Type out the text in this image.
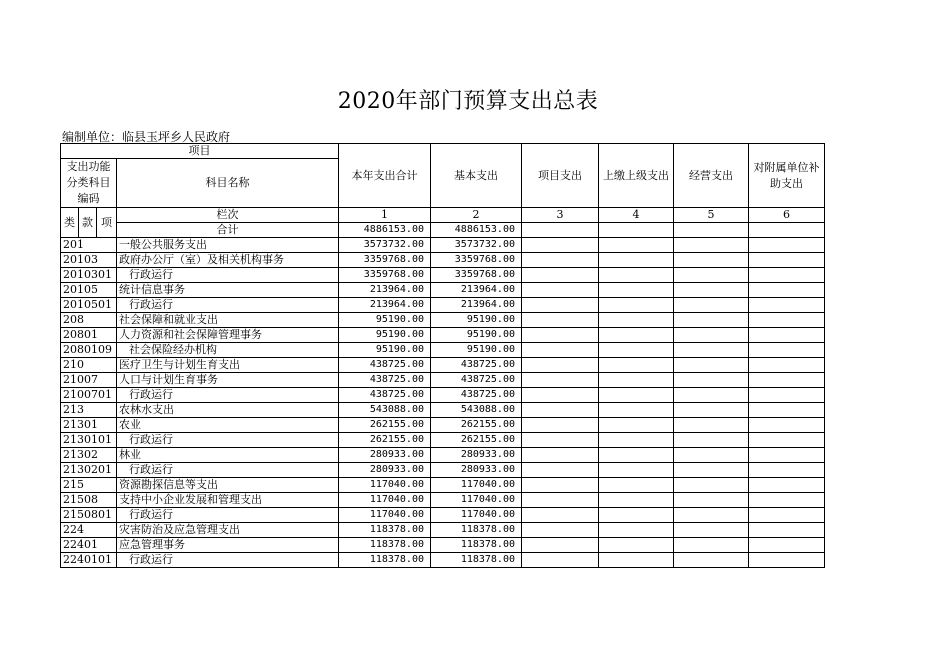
2020年部门预算支出总表
编制单位：临县玉坪乡人民政府
项目				本年支出合计	基本支出	项目支出	上缴上级支出	经营支出	对附属单位补助支出
支出功能分类科目编码			科目名称						

类	款	项	栏次	1	2	3	4	5	6
			合计	4886153.00	4886153.00				
201			一般公共服务支出	3573732.00	3573732.00				
20103			政府办公厅（室）及相关机构事务	3359768.00	3359768.00				
2010301			行政运行	3359768.00	3359768.00				
20105			统计信息事务	213964.00	213964.00				
2010501			行政运行	213964.00	213964.00				
208			社会保障和就业支出	95190.00	95190.00				
20801			人力资源和社会保障管理事务	95190.00	95190.00				
2080109			社会保险经办机构	95190.00	95190.00				
210			医疗卫生与计划生育支出	438725.00	438725.00				
21007			人口与计划生育事务	438725.00	438725.00				
2100701			行政运行	438725.00	438725.00				
213			农林水支出	543088.00	543088.00				
21301			农业	262155.00	262155.00				
2130101			行政运行	262155.00	262155.00				
21302			林业	280933.00	280933.00				
2130201			行政运行	280933.00	280933.00				
215			资源勘探信息等支出	117040.00	117040.00				
21508			支持中小企业发展和管理支出	117040.00	117040.00				
2150801			行政运行	117040.00	117040.00				
224			灾害防治及应急管理支出	118378.00	118378.00				
22401			应急管理事务	118378.00	118378.00				
2240101			行政运行	118378.00	118378.00				
